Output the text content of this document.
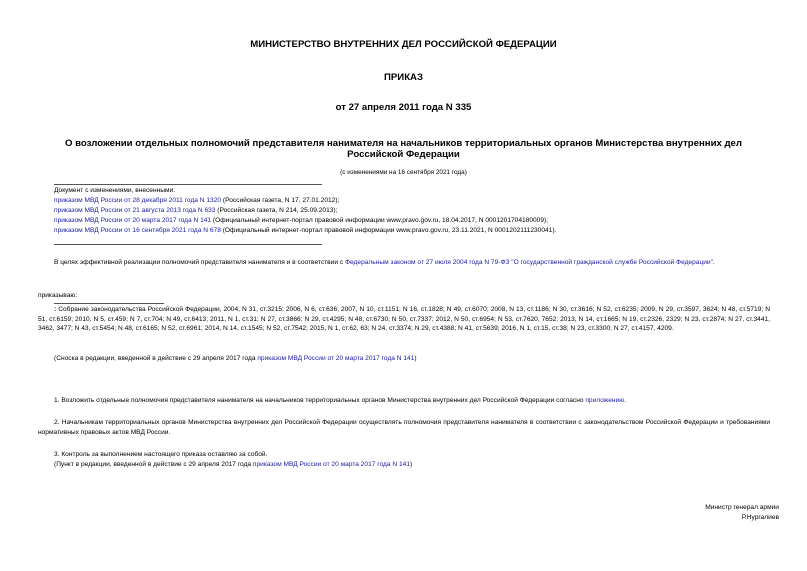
МИНИСТЕРСТВО ВНУТРЕННИХ ДЕЛ РОССИЙСКОЙ ФЕДЕРАЦИИ
ПРИКАЗ
от 27 апреля 2011 года N 335
О возложении отдельных полномочий представителя нанимателя на начальников территориальных органов Министерства внутренних дел Российской Федерации
(с изменениями на 16 сентября 2021 года)
Документ с изменениями, внесенными:
приказом МВД России от 28 декабря 2011 года N 1320 (Российская газета, N 17, 27.01.2012);
приказом МВД России от 21 августа 2013 года N 633 (Российская газета, N 214, 25.09.2013);
приказом МВД России от 20 марта 2017 года N 141 (Официальный интернет-портал правовой информации www.pravo.gov.ru, 18.04.2017, N 0001201704180009);
приказом МВД России от 16 сентября 2021 года N 678 (Официальный интернет-портал правовой информации www.pravo.gov.ru, 23.11.2021, N 0001202111230041).
В целях эффективной реализации полномочий представителя нанимателя и в соответствии с Федеральным законом от 27 июля 2004 года N 79-ФЗ "О государственной гражданской службе Российской Федерации".
приказываю:
: Собрание законодательства Российской Федерации, 2004, N 31, ст.3215; 2006, N 6, ст.636; 2007, N 10, ст.1151; N 16, ст.1828; N 49, ст.6070; 2008, N 13, ст.1186; N 30, ст.3616; N 52, ст.6235; 2009, N 29, ст.3597, 3624; N 48, ст.5719; N 51, ст.6159; 2010, N 5, ст.459; N 7, ст.704; N 49, ст.6413; 2011, N 1, ст.31; N 27, ст.3866; N 29, ст.4295; N 48, ст.6730; N 50, ст.7337; 2012, N 50, ст.6954; N 53, ст.7620, 7652; 2013, N 14, ст.1665; N 19, ст.2326, 2329; N 23, ст.2874; N 27, ст.3441, 3462, 3477; N 43, ст.5454; N 48, ст.6165; N 52, ст.6961; 2014, N 14, ст.1545; N 52, ст.7542; 2015, N 1, ст.62, 63; N 24, ст.3374; N 29, ст.4388; N 41, ст.5639; 2016, N 1, ст.15, ст.38; N 23, ст.3300; N 27, ст.4157, 4209.
(Сноска в редакции, введенной в действие с 29 апреля 2017 года приказом МВД России от 20 марта 2017 года N 141)
1. Возложить отдельные полномочия представителя нанимателя на начальников территориальных органов Министерства внутренних дел Российской Федерации согласно приложению.
2. Начальникам территориальных органов Министерства внутренних дел Российской Федерации осуществлять полномочия представителя нанимателя в соответствии с законодательством Российской Федерации и требованиями нормативных правовых актов МВД России.
3. Контроль за выполнением настоящего приказа оставляю за собой.
(Пункт в редакции, введенной в действие с 29 апреля 2017 года приказом МВД России от 20 марта 2017 года N 141)
Министр генерал армии
Р.Нургалиев
